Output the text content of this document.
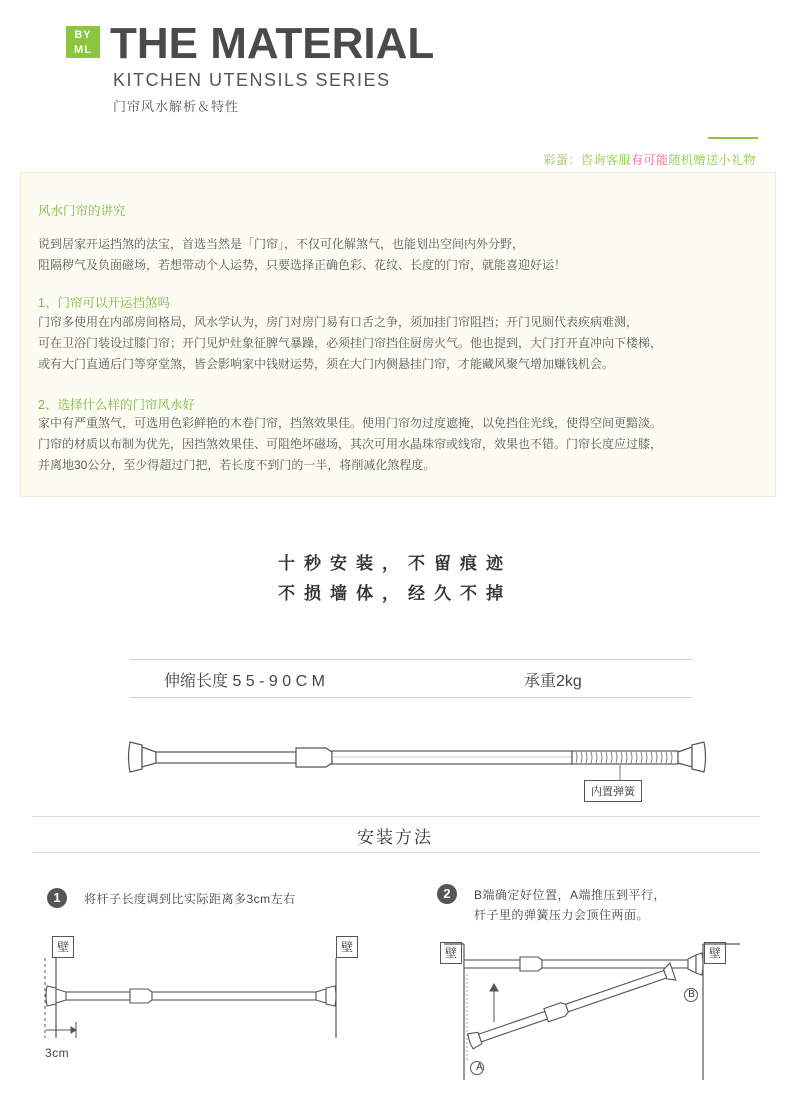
BY
ML THE MATERIAL
KITCHEN UTENSILS SERIES
门帘风水解析＆特性
彩蛋：咨询客服有可能随机赠送小礼物
风水门帘的讲究
说到居家开运挡煞的法宝，首选当然是「门帘」，不仅可化解煞气，也能划出空间内外分野，
阻隔秽气及负面磁场，若想带动个人运势，只要选择正确色彩、花纹、长度的门帘，就能喜迎好运！
1、门帘可以开运挡煞吗
门帘多使用在内部房间格局，风水学认为，房门对房门易有口舌之争，须加挂门帘阻挡；开门见厕代表疾病难测，
可在卫浴门装设过膝门帘；开门见炉灶象征脾气暴躁，必须挂门帘挡住厨房火气。他也提到，大门打开直冲向下楼梯，
或有大门直通后门等穿堂煞，皆会影响家中钱财运势，须在大门内侧悬挂门帘，才能藏风聚气增加赚钱机会。
2、选择什么样的门帘风水好
家中有严重煞气，可选用色彩鲜艳的木卷门帘，挡煞效果佳。使用门帘勿过度遮掩，以免挡住光线，使得空间更黯淡。
门帘的材质以布制为优先，因挡煞效果佳、可阻绝坏磁场，其次可用水晶珠帘或线帘，效果也不错。门帘长度应过膝，
并离地30公分，至少得超过门把，若长度不到门的一半，将削减化煞程度。
十秒安装，不留痕迹
不损墙体，经久不掉
伸缩长度 5 5 - 9 0 C M	承重2kg
内置弹簧
安装方法
1	将杆子长度调到比实际距离多3cm左右
壁	壁
3cm
2	B端确定好位置，A端推压到平行，
杆子里的弹簧压力会顶住两面。
壁	壁
A
B
